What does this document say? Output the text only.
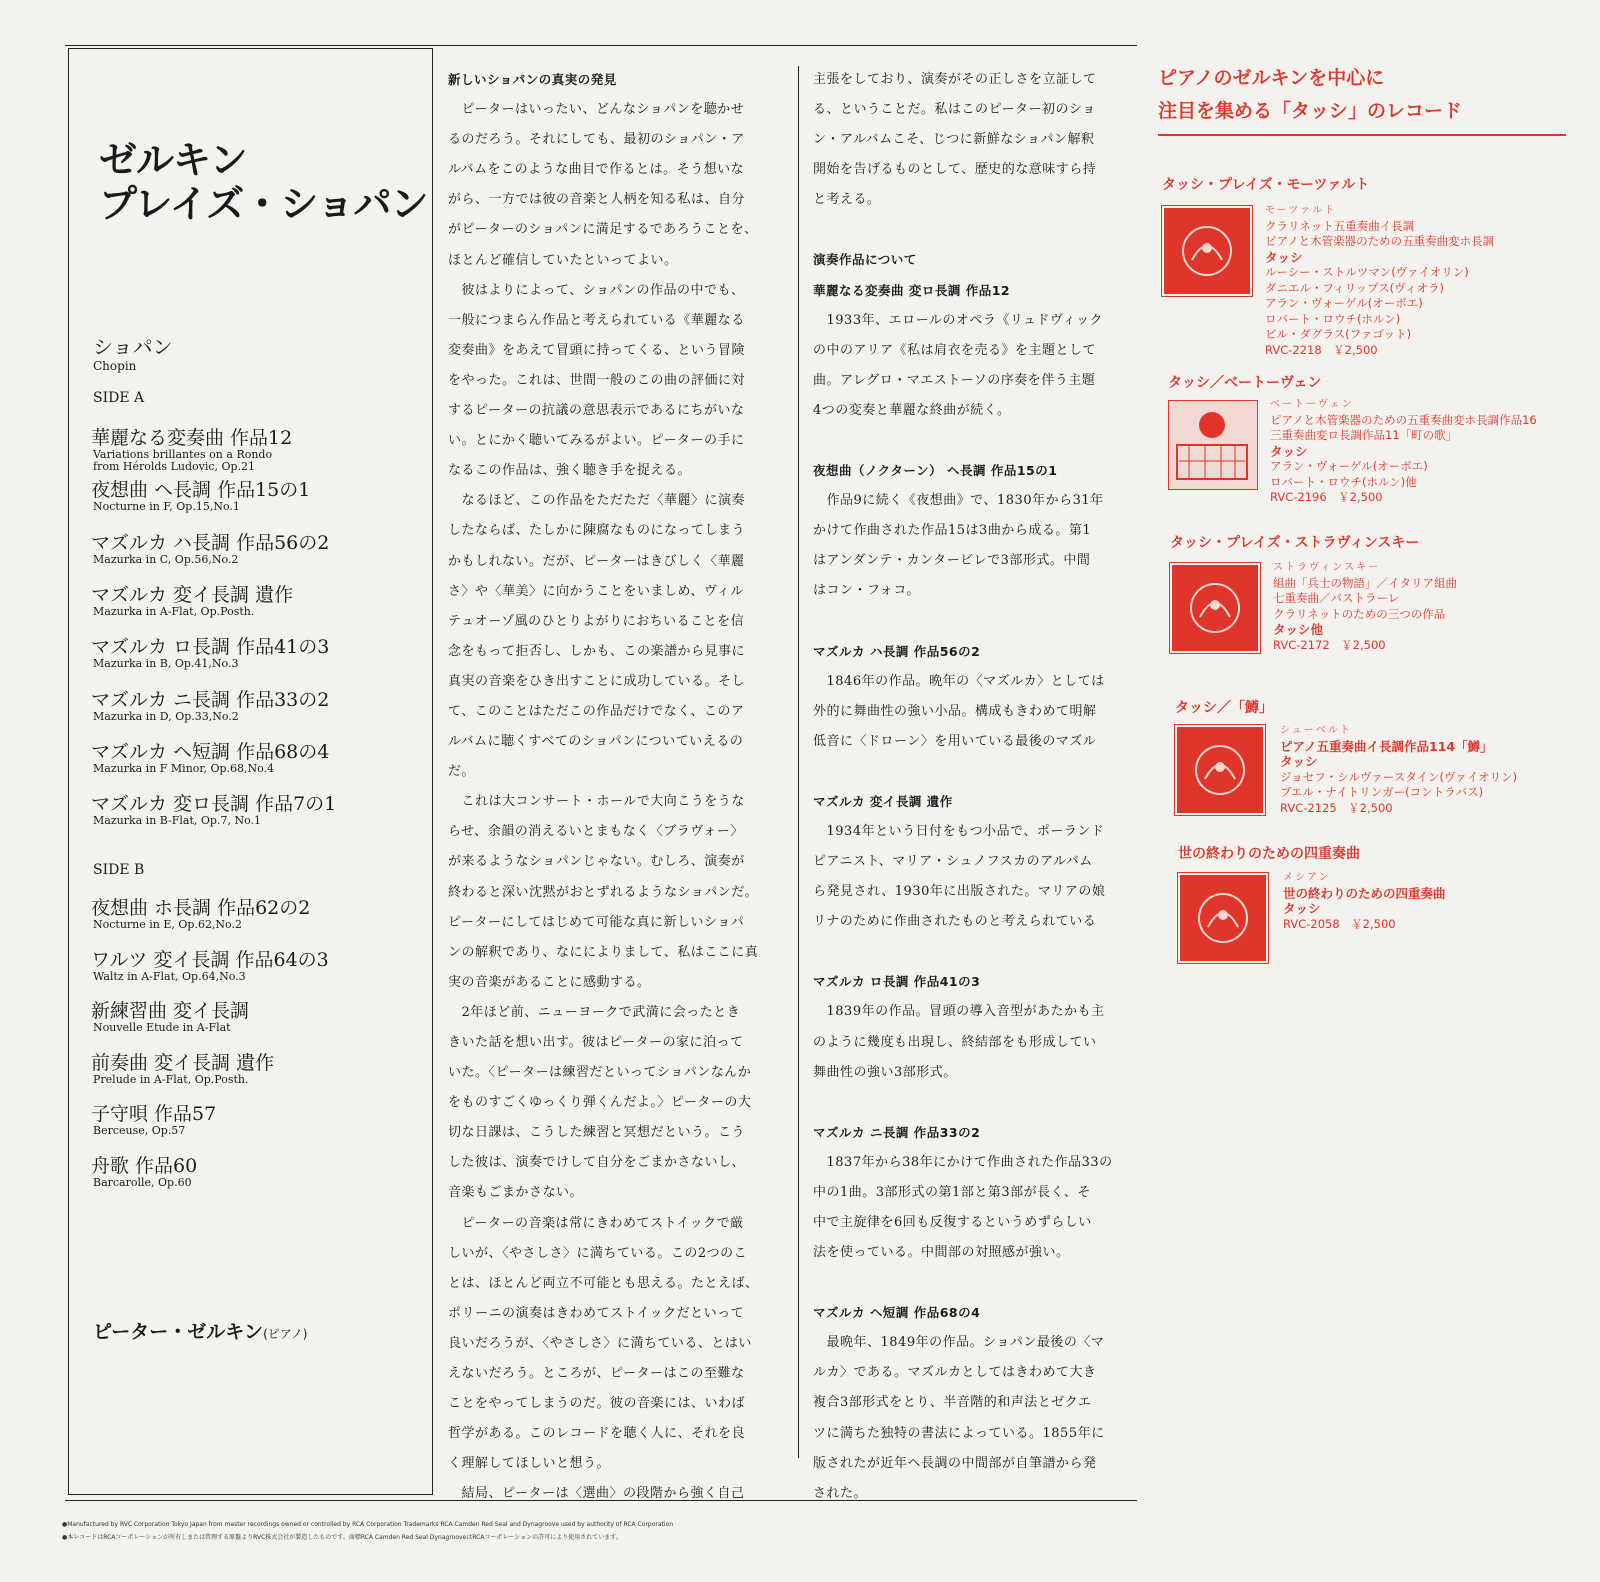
ゼルキン
プレイズ・ショパン
ショパン
Chopin
SIDE A
華麗なる変奏曲 作品12
Variations brillantes on a Rondo
from Hérolds Ludovic, Op.21
夜想曲 ヘ長調 作品15の1
Nocturne in F, Op.15,No.1
マズルカ ハ長調 作品56の2
Mazurka in C, Op.56,No.2
マズルカ 変イ長調 遺作
Mazurka in A-Flat, Op.Posth.
マズルカ ロ長調 作品41の3
Mazurka in B, Op.41,No.3
マズルカ ニ長調 作品33の2
Mazurka in D, Op.33,No.2
マズルカ ヘ短調 作品68の4
Mazurka in F Minor, Op.68,No.4
マズルカ 変ロ長調 作品7の1
Mazurka in B-Flat, Op.7, No.1
SIDE B
夜想曲 ホ長調 作品62の2
Nocturne in E, Op.62,No.2
ワルツ 変イ長調 作品64の3
Waltz in A-Flat, Op.64,No.3
新練習曲 変イ長調
Nouvelle Etude in A-Flat
前奏曲 変イ長調 遺作
Prelude in A-Flat, Op.Posth.
子守唄 作品57
Berceuse, Op.57
舟歌 作品60
Barcarolle, Op.60
ピーター・ゼルキン(ピアノ)
新しいショパンの真実の発見
　ピーターはいったい、どんなショパンを聴かせ
るのだろう。それにしても、最初のショパン・ア
ルバムをこのような曲目で作るとは。そう想いな
がら、一方では彼の音楽と人柄を知る私は、自分
がピーターのショパンに満足するであろうことを、
ほとんど確信していたといってよい。
　彼はよりによって、ショパンの作品の中でも、
一般につまらん作品と考えられている《華麗なる
変奏曲》をあえて冒頭に持ってくる、という冒険
をやった。これは、世間一般のこの曲の評価に対
するピーターの抗議の意思表示であるにちがいな
い。とにかく聴いてみるがよい。ピーターの手に
なるこの作品は、強く聴き手を捉える。
　なるほど、この作品をただただ〈華麗〉に演奏
したならば、たしかに陳腐なものになってしまう
かもしれない。だが、ピーターはきびしく〈華麗
さ〉や〈華美〉に向かうことをいましめ、ヴィル
テュオーゾ風のひとりよがりにおちいることを信
念をもって拒否し、しかも、この楽譜から見事に
真実の音楽をひき出すことに成功している。そし
て、このことはただこの作品だけでなく、このア
ルバムに聴くすべてのショパンについていえるの
だ。
　これは大コンサート・ホールで大向こうをうな
らせ、余韻の消えるいとまもなく〈ブラヴォー〉
が来るようなショパンじゃない。むしろ、演奏が
終わると深い沈黙がおとずれるようなショパンだ。
ピーターにしてはじめて可能な真に新しいショパ
ンの解釈であり、なにによりまして、私はここに真
実の音楽があることに感動する。
　2年ほど前、ニューヨークで武満に会ったとき
きいた話を想い出す。彼はピーターの家に泊って
いた。〈ピーターは練習だといってショパンなんか
をものすごくゆっくり弾くんだよ。〉ピーターの大
切な日課は、こうした練習と冥想だという。こう
した彼は、演奏でけして自分をごまかさないし、
音楽もごまかさない。
　ピーターの音楽は常にきわめてストイックで厳
しいが、〈やさしさ〉に満ちている。この2つのこ
とは、ほとんど両立不可能とも思える。たとえば、
ポリーニの演奏はきわめてストイックだといって
良いだろうが、〈やさしさ〉に満ちている、とはい
えないだろう。ところが、ピーターはこの至難な
ことをやってしまうのだ。彼の音楽には、いわば
哲学がある。このレコードを聴く人に、それを良
く理解してほしいと想う。
　結局、ピーターは〈選曲〉の段階から強く自己
主張をしており、演奏がその正しさを立証して
る、ということだ。私はこのピーター初のショ
ン・アルバムこそ、じつに新鮮なショパン解釈
開始を告げるものとして、歴史的な意味すら持
と考える。
演奏作品について
華麗なる変奏曲 変ロ長調 作品12
　1933年、エロールのオペラ《リュドヴィック
の中のアリア《私は肩衣を売る》を主題として
曲。アレグロ・マエストーソの序奏を伴う主題
4つの変奏と華麗な終曲が続く。
夜想曲（ノクターン） ヘ長調 作品15の1
　作品9に続く《夜想曲》で、1830年から31年
かけて作曲された作品15は3曲から成る。第1
はアンダンテ・カンタービレで3部形式。中間
はコン・フォコ。
マズルカ ハ長調 作品56の2
　1846年の作品。晩年の〈マズルカ〉としては
外的に舞曲性の強い小品。構成もきわめて明解
低音に〈ドローン〉を用いている最後のマズル
マズルカ 変イ長調 遺作
　1934年という日付をもつ小品で、ポーランド
ピアニスト、マリア・シュノフスカのアルバム
ら発見され、1930年に出版された。マリアの娘
リナのために作曲されたものと考えられている
マズルカ ロ長調 作品41の3
　1839年の作品。冒頭の導入音型があたかも主
のように幾度も出現し、終結部をも形成してい
舞曲性の強い3部形式。
マズルカ ニ長調 作品33の2
　1837年から38年にかけて作曲された作品33の
中の1曲。3部形式の第1部と第3部が長く、そ
中で主旋律を6回も反復するというめずらしい
法を使っている。中間部の対照感が強い。
マズルカ ヘ短調 作品68の4
　最晩年、1849年の作品。ショパン最後の〈マ
ルカ〉である。マズルカとしてはきわめて大き
複合3部形式をとり、半音階的和声法とゼクエ
ツに満ちた独特の書法によっている。1855年に
版されたが近年ヘ長調の中間部が自筆譜から発
された。
ピアノのゼルキンを中心に
注目を集める「タッシ」のレコード
タッシ・プレイズ・モーツァルト
モーツァルト
クラリネット五重奏曲イ長調
ピアノと木管楽器のための五重奏曲変ホ長調
タッシ
ルーシー・ストルツマン(ヴァイオリン)
ダニエル・フィリップス(ヴィオラ)
アラン・ヴォーゲル(オーボエ)
ロバート・ロウチ(ホルン)
ビル・ダグラス(ファゴット)
RVC-2218　￥2,500
タッシ／ベートーヴェン
ベートーヴェン
ピアノと木管楽器のための五重奏曲変ホ長調作品16
三重奏曲変ロ長調作品11「町の歌」
タッシ
アラン・ヴォーゲル(オーボエ)
ロバート・ロウチ(ホルン)他
RVC-2196　￥2,500
タッシ・プレイズ・ストラヴィンスキー
ストラヴィンスキー
組曲「兵士の物語」／イタリア組曲
七重奏曲／パストラーレ
クラリネットのための三つの作品
タッシ他
RVC-2172　￥2,500
タッシ／「鱒」
シューベルト
ピアノ五重奏曲イ長調作品114「鱒」
タッシ
ジョセフ・シルヴァースタイン(ヴァイオリン)
ブエル・ナイトリンガー(コントラバス)
RVC-2125　￥2,500
世の終わりのための四重奏曲
メシアン
世の終わりのための四重奏曲
タッシ
RVC-2058　￥2,500
●Manufactured by RVC Corporation Tokyo Japan from master recordings owned or controlled by RCA Corporation Trademarks RCA Camden Red Seal and Dynagroove used by authority of RCA Corporation
●本レコードはRCAコーポレーションが所有しまたは管理する原盤よりRVC株式会社が製造したものです。商標RCA Camden Red Seal DynagrooveはRCAコーポレーションの許可により使用されています。
